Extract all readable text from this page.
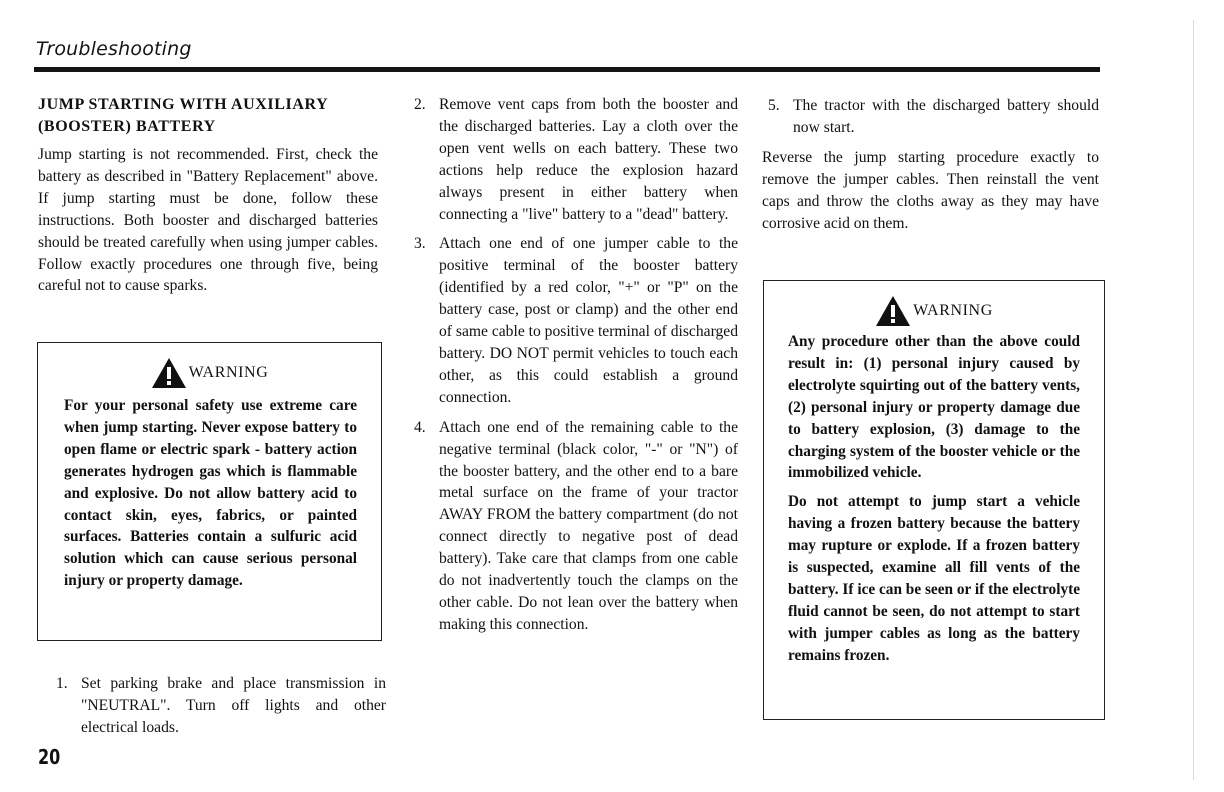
Troubleshooting
JUMP STARTING WITH AUXILIARY (BOOSTER) BATTERY

Jump starting is not recommended. First, check the battery as described in "Battery Replacement" above. If jump starting must be done, follow these instructions. Both booster and discharged batteries should be treated carefully when using jumper cables. Follow exactly procedures one through five, being careful not to cause sparks.

WARNING
For your personal safety use extreme care when jump starting. Never expose battery to open flame or electric spark - battery action generates hydrogen gas which is flammable and explosive. Do not allow battery acid to contact skin, eyes, fabrics, or painted surfaces. Batteries contain a sulfuric acid solution which can cause serious personal injury or property damage.
1. Set parking brake and place transmission in "NEUTRAL". Turn off lights and other electrical loads.
2. Remove vent caps from both the booster and the discharged batteries. Lay a cloth over the open vent wells on each battery. These two actions help reduce the explosion hazard always present in either battery when connecting a "live" battery to a "dead" battery.
3. Attach one end of one jumper cable to the positive terminal of the booster battery (identified by a red color, "+" or "P" on the battery case, post or clamp) and the other end of same cable to positive terminal of discharged battery. DO NOT permit vehicles to touch each other, as this could establish a ground connection.
4. Attach one end of the remaining cable to the negative terminal (black color, "-" or "N") of the booster battery, and the other end to a bare metal surface on the frame of your tractor AWAY FROM the battery compartment (do not connect directly to negative post of dead battery). Take care that clamps from one cable do not inadvertently touch the clamps on the other cable. Do not lean over the battery when making this connection.
5. The tractor with the discharged battery should now start.

Reverse the jump starting procedure exactly to remove the jumper cables. Then reinstall the vent caps and throw the cloths away as they may have corrosive acid on them.

WARNING

Any procedure other than the above could result in: (1) personal injury caused by electrolyte squirting out of the battery vents, (2) personal injury or property damage due to battery explosion, (3) damage to the charging system of the booster vehicle or the immobilized vehicle.

Do not attempt to jump start a vehicle having a frozen battery because the battery may rupture or explode. If a frozen battery is suspected, examine all fill vents of the battery. If ice can be seen or if the electrolyte fluid cannot be seen, do not attempt to start with jumper cables as long as the battery remains frozen.

20
